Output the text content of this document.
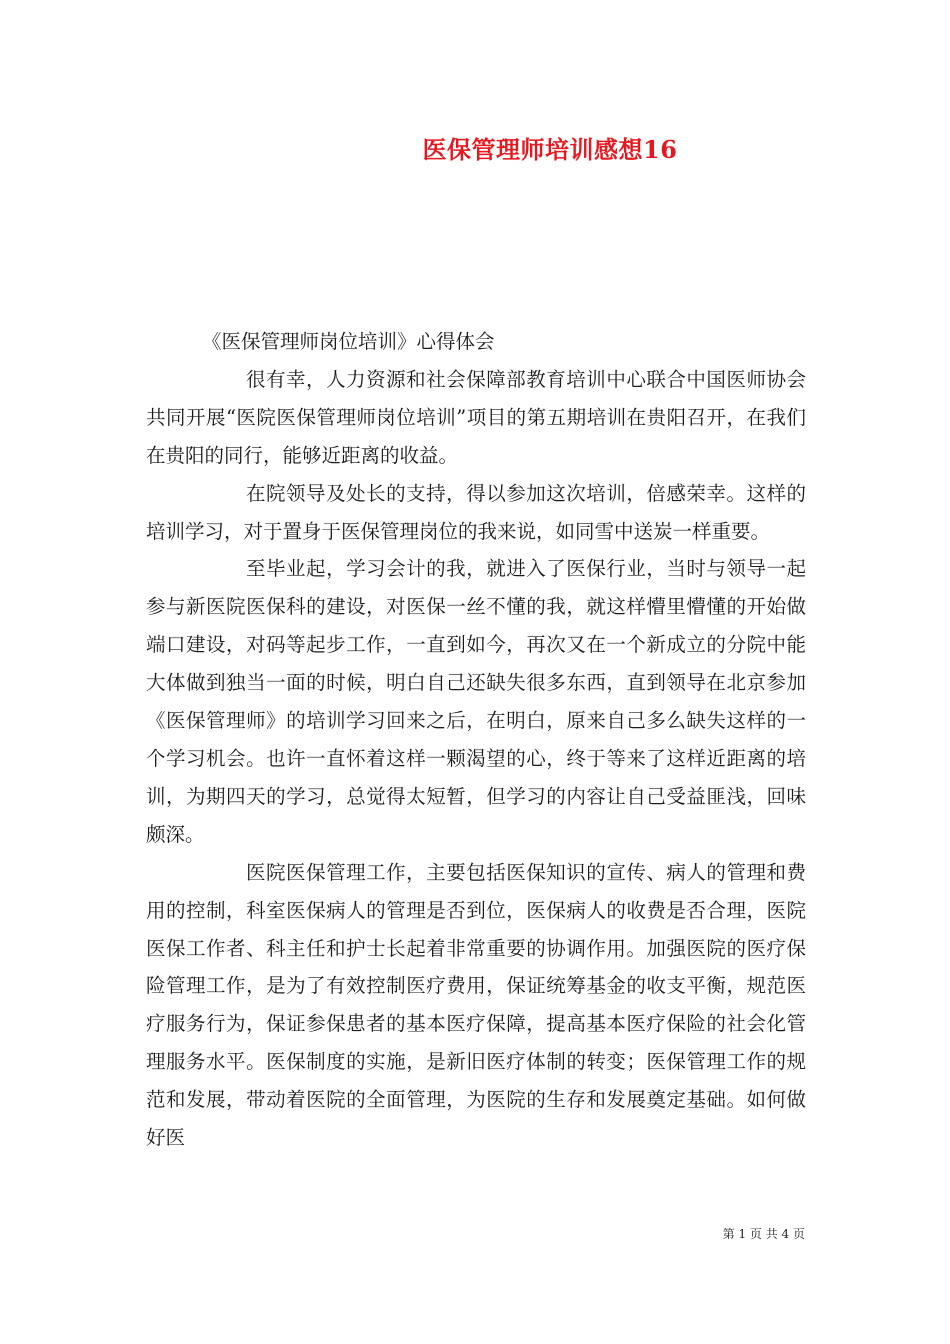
医保管理师培训感想16

《医保管理师岗位培训》心得体会

很有幸，人力资源和社会保障部教育培训中心联合中国医师协会共同开展“医院医保管理师岗位培训”项目的第五期培训在贵阳召开，在我们在贵阳的同行，能够近距离的收益。

在院领导及处长的支持，得以参加这次培训，倍感荣幸。这样的培训学习，对于置身于医保管理岗位的我来说，如同雪中送炭一样重要。

至毕业起，学习会计的我，就进入了医保行业，当时与领导一起参与新医院医保科的建设，对医保一丝不懂的我，就这样懵里懵懂的开始做端口建设，对码等起步工作，一直到如今，再次又在一个新成立的分院中能大体做到独当一面的时候，明白自己还缺失很多东西，直到领导在北京参加《医保管理师》的培训学习回来之后，在明白，原来自己多么缺失这样的一个学习机会。也许一直怀着这样一颗渴望的心，终于等来了这样近距离的培训，为期四天的学习，总觉得太短暂，但学习的内容让自己受益匪浅，回味颇深。

医院医保管理工作，主要包括医保知识的宣传、病人的管理和费用的控制，科室医保病人的管理是否到位，医保病人的收费是否合理，医院医保工作者、科主任和护士长起着非常重要的协调作用。加强医院的医疗保险管理工作，是为了有效控制医疗费用，保证统筹基金的收支平衡，规范医疗服务行为，保证参保患者的基本医疗保障，提高基本医疗保险的社会化管理服务水平。医保制度的实施，是新旧医疗体制的转变；医保管理工作的规范和发展，带动着医院的全面管理，为医院的生存和发展奠定基础。如何做好医

第 1 页 共 4 页
